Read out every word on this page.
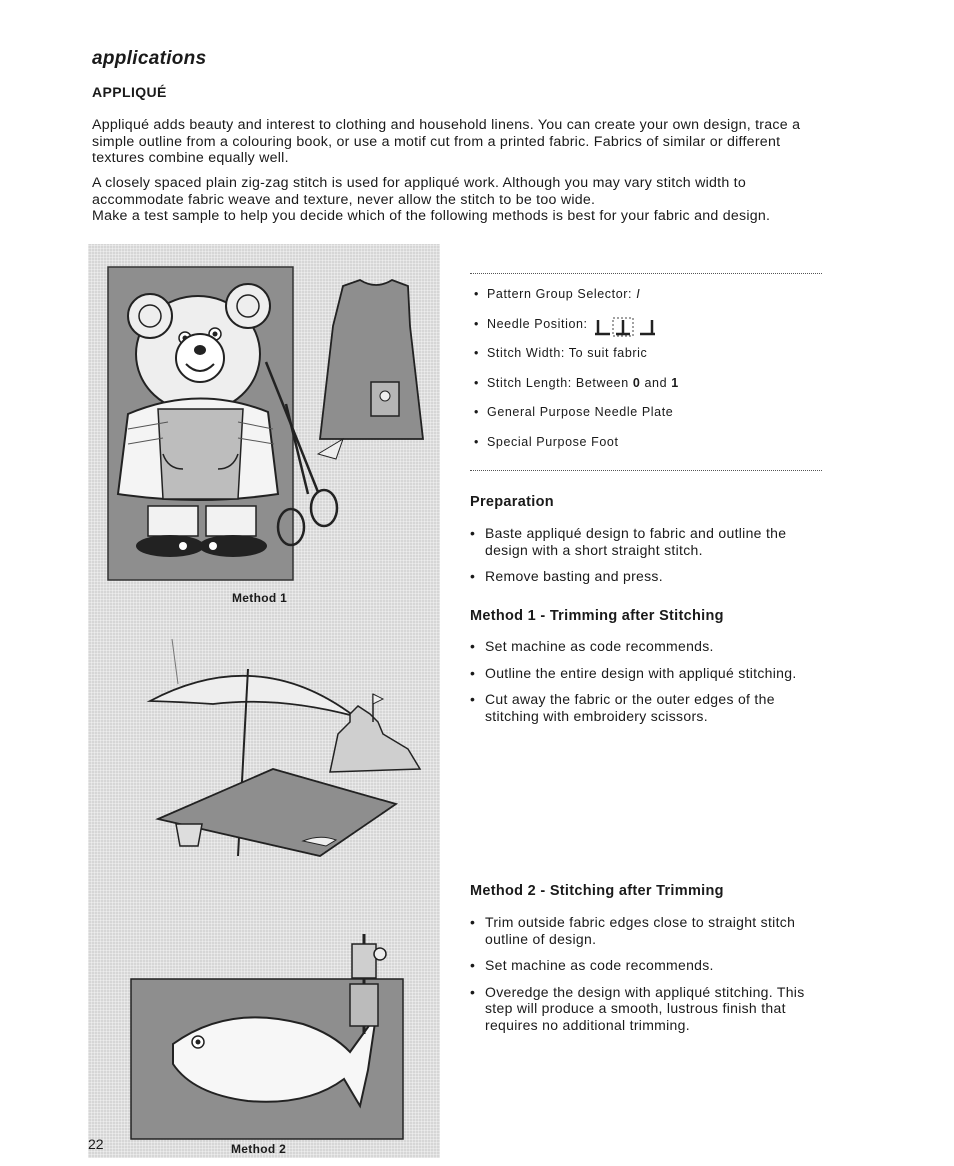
applications
APPLIQUÉ
Appliqué adds beauty and interest to clothing and household linens. You can create your own design, trace a simple outline from a colouring book, or use a motif cut from a printed fabric. Fabrics of similar or different textures combine equally well.
A closely spaced plain zig-zag stitch is used for appliqué work. Although you may vary stitch width to accommodate fabric weave and texture, never allow the stitch to be too wide.
Make a test sample to help you decide which of the following methods is best for your fabric and design.
Method 1
Method 2
• Pattern Group Selector:
I
• Needle Position:
• Stitch Width: To suit fabric
• Stitch Length: Between
0
and
1
• General Purpose Needle Plate
• Special Purpose Foot
Preparation
• Baste appliqué design to fabric and outline the design with a short straight stitch.
• Remove basting and press.
Method 1 - Trimming after Stitching
• Set machine as code recommends.
• Outline the entire design with appliqué stitching.
• Cut away the fabric or the outer edges of the stitching with embroidery scissors.
Method 2 - Stitching after Trimming
• Trim outside fabric edges close to straight stitch outline of design.
• Set machine as code recommends.
• Overedge the design with appliqué stitching. This step will produce a smooth, lustrous finish that requires no additional trimming.
22
